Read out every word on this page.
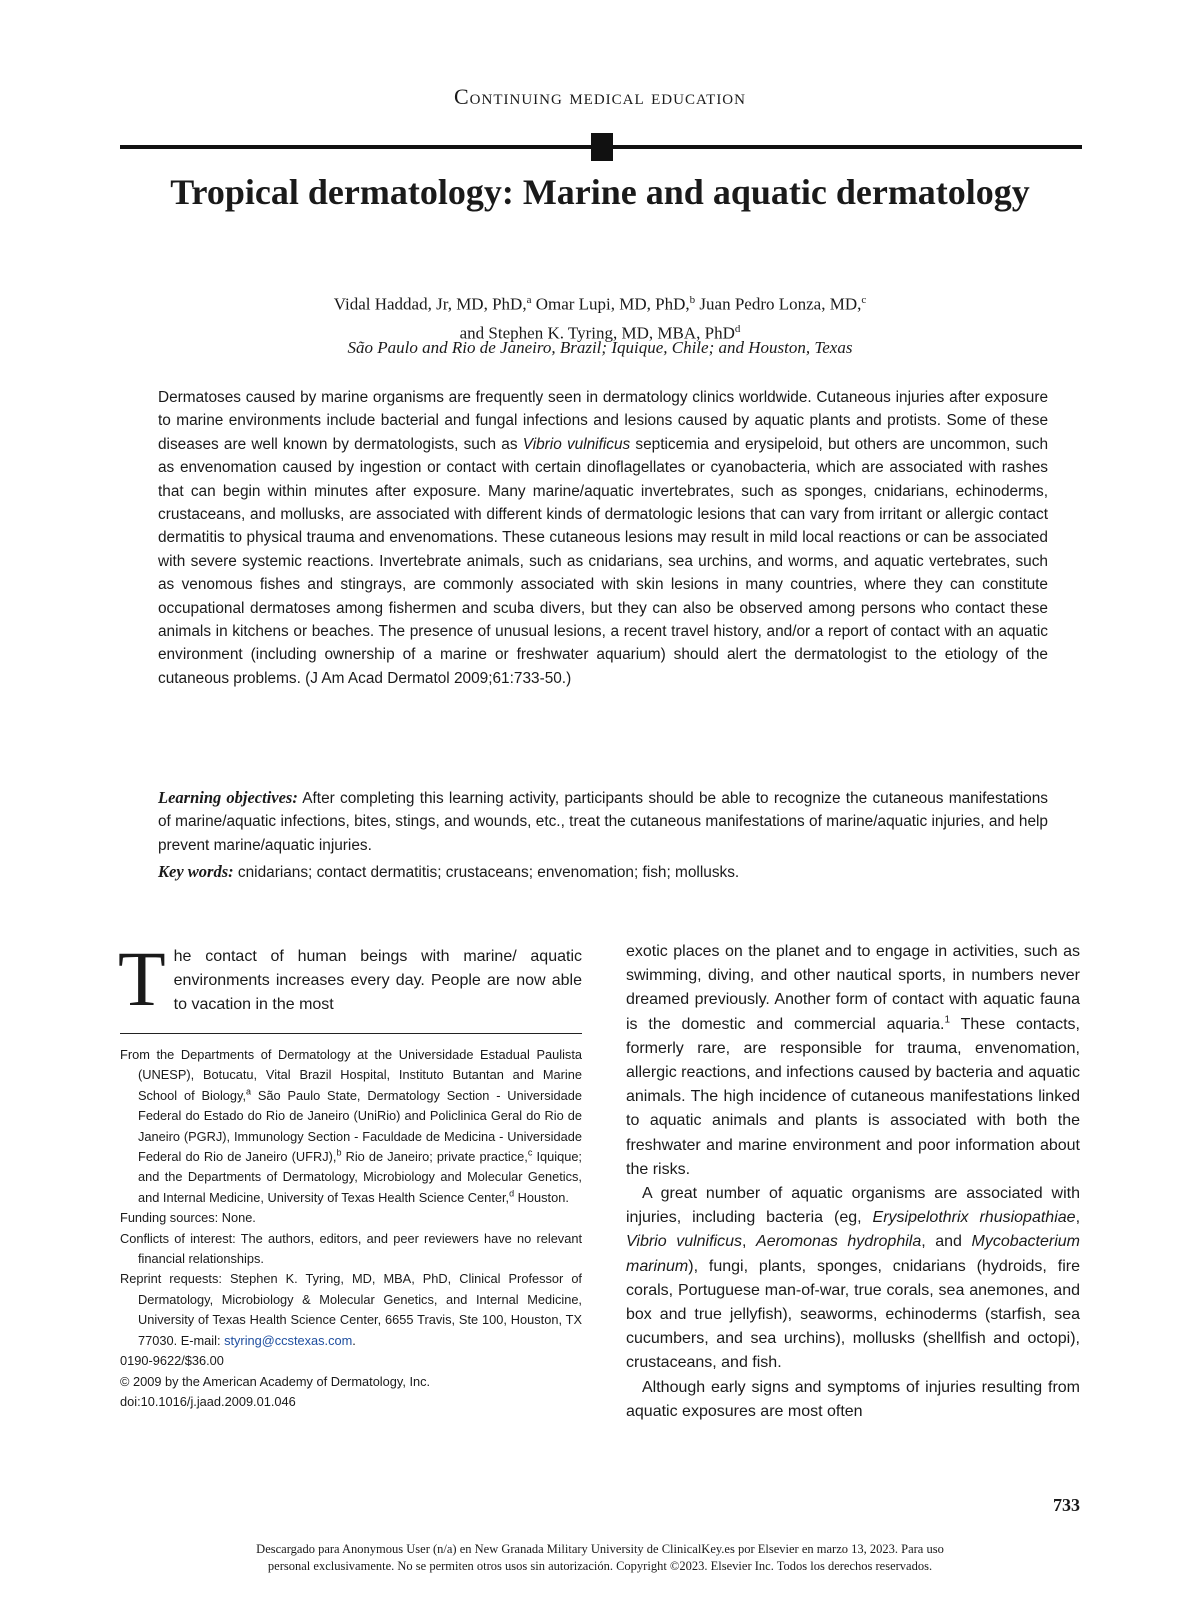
Continuing medical education
Tropical dermatology: Marine and aquatic dermatology
Vidal Haddad, Jr, MD, PhD,$^a$ Omar Lupi, MD, PhD,$^b$ Juan Pedro Lonza, MD,$^c$
and Stephen K. Tyring, MD, MBA, PhD$^d$
São Paulo and Rio de Janeiro, Brazil; Iquique, Chile; and Houston, Texas

Dermatoses caused by marine organisms are frequently seen in dermatology clinics worldwide. Cutaneous injuries after exposure to marine environments include bacterial and fungal infections and lesions caused by aquatic plants and protists. Some of these diseases are well known by dermatologists, such as Vibrio vulnificus septicemia and erysipeloid, but others are uncommon, such as envenomation caused by ingestion or contact with certain dinoflagellates or cyanobacteria, which are associated with rashes that can begin within minutes after exposure. Many marine/aquatic invertebrates, such as sponges, cnidarians, echinoderms, crustaceans, and mollusks, are associated with different kinds of dermatologic lesions that can vary from irritant or allergic contact dermatitis to physical trauma and envenomations. These cutaneous lesions may result in mild local reactions or can be associated with severe systemic reactions. Invertebrate animals, such as cnidarians, sea urchins, and worms, and aquatic vertebrates, such as venomous fishes and stingrays, are commonly associated with skin lesions in many countries, where they can constitute occupational dermatoses among fishermen and scuba divers, but they can also be observed among persons who contact these animals in kitchens or beaches. The presence of unusual lesions, a recent travel history, and/or a report of contact with an aquatic environment (including ownership of a marine or freshwater aquarium) should alert the dermatologist to the etiology of the cutaneous problems. (J Am Acad Dermatol 2009;61:733-50.)

Learning objectives: After completing this learning activity, participants should be able to recognize the cutaneous manifestations of marine/aquatic infections, bites, stings, and wounds, etc., treat the cutaneous manifestations of marine/aquatic injuries, and help prevent marine/aquatic injuries.

Key words: cnidarians; contact dermatitis; crustaceans; envenomation; fish; mollusks.

The contact of human beings with marine/ aquatic environments increases every day. People are now able to vacation in the most

From the Departments of Dermatology at the Universidade Estadual Paulista (UNESP), Botucatu, Vital Brazil Hospital, Instituto Butantan and Marine School of Biology,$^a$ São Paulo State, Dermatology Section - Universidade Federal do Estado do Rio de Janeiro (UniRio) and Policlinica Geral do Rio de Janeiro (PGRJ), Immunology Section - Faculdade de Medicina - Universidade Federal do Rio de Janeiro (UFRJ),$^b$ Rio de Janeiro; private practice,$^c$ Iquique; and the Departments of Dermatology, Microbiology and Molecular Genetics, and Internal Medicine, University of Texas Health Science Center,$^d$ Houston.

Funding sources: None.

Conflicts of interest: The authors, editors, and peer reviewers have no relevant financial relationships.

Reprint requests: Stephen K. Tyring, MD, MBA, PhD, Clinical Professor of Dermatology, Microbiology & Molecular Genetics, and Internal Medicine, University of Texas Health Science Center, 6655 Travis, Ste 100, Houston, TX 77030. E-mail: styring@ccstexas.com.

0190-9622/$36.00

© 2009 by the American Academy of Dermatology, Inc.

doi:10.1016/j.jaad.2009.01.046

exotic places on the planet and to engage in activities, such as swimming, diving, and other nautical sports, in numbers never dreamed previously. Another form of contact with aquatic fauna is the domestic and commercial aquaria.$^1$ These contacts, formerly rare, are responsible for trauma, envenomation, allergic reactions, and infections caused by bacteria and aquatic animals. The high incidence of cutaneous manifestations linked to aquatic animals and plants is associated with both the freshwater and marine environment and poor information about the risks.

A great number of aquatic organisms are associated with injuries, including bacteria (eg, Erysipelothrix rhusiopathiae, Vibrio vulnificus, Aeromonas hydrophila, and Mycobacterium marinum), fungi, plants, sponges, cnidarians (hydroids, fire corals, Portuguese man-of-war, true corals, sea anemones, and box and true jellyfish), seaworms, echinoderms (starfish, sea cucumbers, and sea urchins), mollusks (shellfish and octopi), crustaceans, and fish.

Although early signs and symptoms of injuries resulting from aquatic exposures are most often

733
Descargado para Anonymous User (n/a) en New Granada Military University de ClinicalKey.es por Elsevier en marzo 13, 2023. Para uso
personal exclusivamente. No se permiten otros usos sin autorización. Copyright ©2023. Elsevier Inc. Todos los derechos reservados.
